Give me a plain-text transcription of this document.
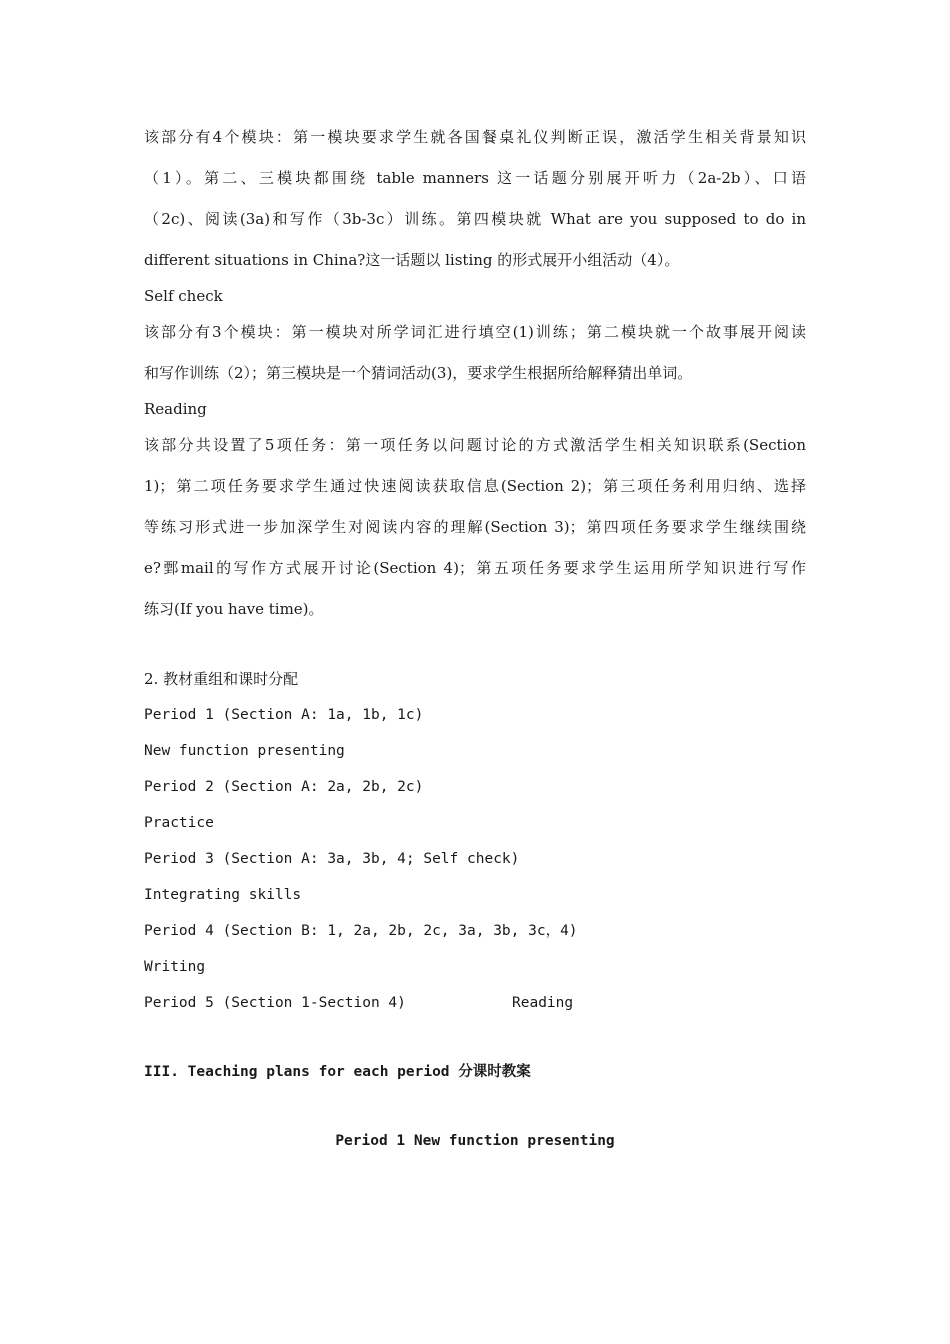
该部分有4个模块：第一模块要求学生就各国餐桌礼仪判断正误，激活学生相关背景知识
（1）。第二、三模块都围绕 table manners 这一话题分别展开听力（2a-2b）、口语
（2c)、阅读(3a)和写作（3b-3c）训练。第四模块就 What are you supposed to do in
different situations in China?这一话题以 listing 的形式展开小组活动（4）。
Self check
该部分有3个模块：第一模块对所学词汇进行填空(1)训练；第二模块就一个故事展开阅读
和写作训练（2）；第三模块是一个猜词活动(3)，要求学生根据所给解释猜出单词。
Reading
该部分共设置了5项任务：第一项任务以问题讨论的方式激活学生相关知识联系(Section
1)；第二项任务要求学生通过快速阅读获取信息(Section 2)；第三项任务利用归纳、选择
等练习形式进一步加深学生对阅读内容的理解(Section 3)；第四项任务要求学生继续围绕
e?鄄mail的写作方式展开讨论(Section 4)；第五项任务要求学生运用所学知识进行写作
练习(If you have time)。
2. 教材重组和课时分配
Period 1 (Section A: 1a, 1b, 1c)
New function presenting
Period 2 (Section A: 2a, 2b, 2c)
Practice
Period 3 (Section A: 3a, 3b, 4; Self check)
Integrating skills
Period 4 (Section B: 1, 2a, 2b, 2c, 3a, 3b, 3c，4)
Writing
Period 5 (Section 1-Section 4)	Reading
III. Teaching plans for each period 分课时教案
Period 1 New function presenting
